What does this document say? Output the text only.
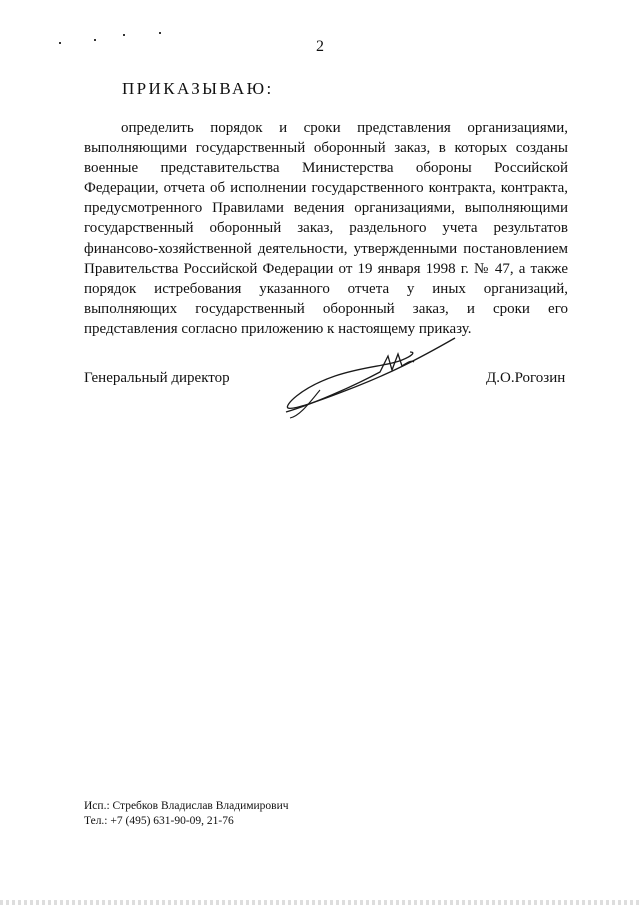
2
ПРИКАЗЫВАЮ:

определить порядок и сроки представления организациями, выполняющими государственный оборонный заказ, в которых созданы военные представительства Министерства обороны Российской Федерации, отчета об исполнении государственного контракта, контракта, предусмотренного Правилами ведения организациями, выполняющими государственный оборонный заказ, раздельного учета результатов финансово-хозяйственной деятельности, утвержденными постановлением Правительства Российской Федерации от 19 января 1998 г. № 47, а также порядок истребования указанного отчета у иных организаций, выполняющих государственный оборонный заказ, и сроки его представления согласно приложению к настоящему приказу.

Генеральный директор	Д.О.Рогозин
Исп.: Стребков Владислав Владимирович
Тел.: +7 (495) 631-90-09, 21-76
